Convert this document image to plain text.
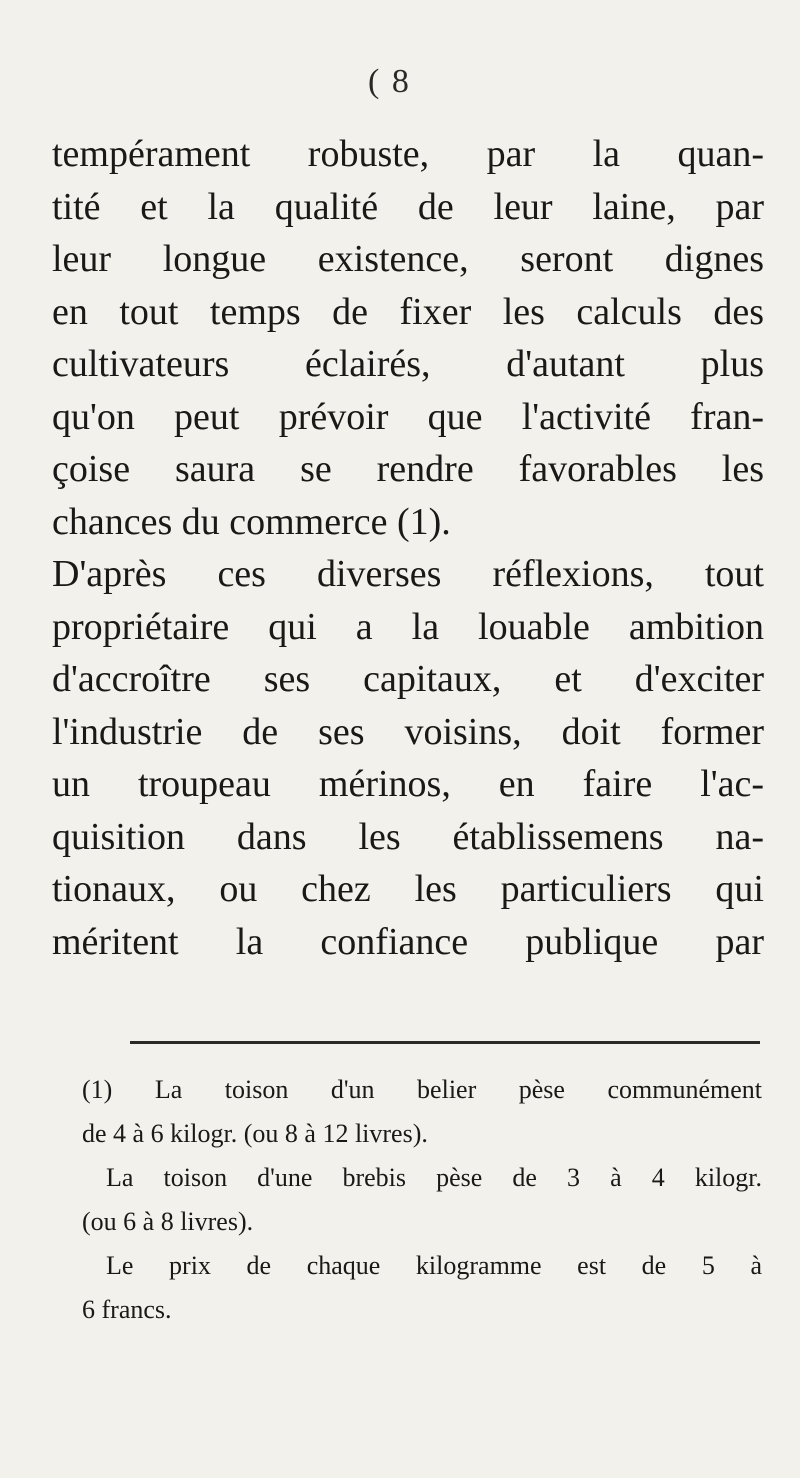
( 8
tempérament robuste, par la quan-
tité et la qualité de leur laine, par
leur longue existence, seront dignes
en tout temps de fixer les calculs des
cultivateurs éclairés, d'autant plus
qu'on peut prévoir que l'activité fran-
çoise saura se rendre favorables les
chances du commerce (1).
D'après ces diverses réflexions, tout
propriétaire qui a la louable ambition
d'accroître ses capitaux, et d'exciter
l'industrie de ses voisins, doit former
un troupeau mérinos, en faire l'ac-
quisition dans les établissemens na-
tionaux, ou chez les particuliers qui
méritent la confiance publique par
(1) La toison d'un belier pèse communément
de 4 à 6 kilogr. (ou 8 à 12 livres).
La toison d'une brebis pèse de 3 à 4 kilogr.
(ou 6 à 8 livres).
Le prix de chaque kilogramme est de 5 à
6 francs.
